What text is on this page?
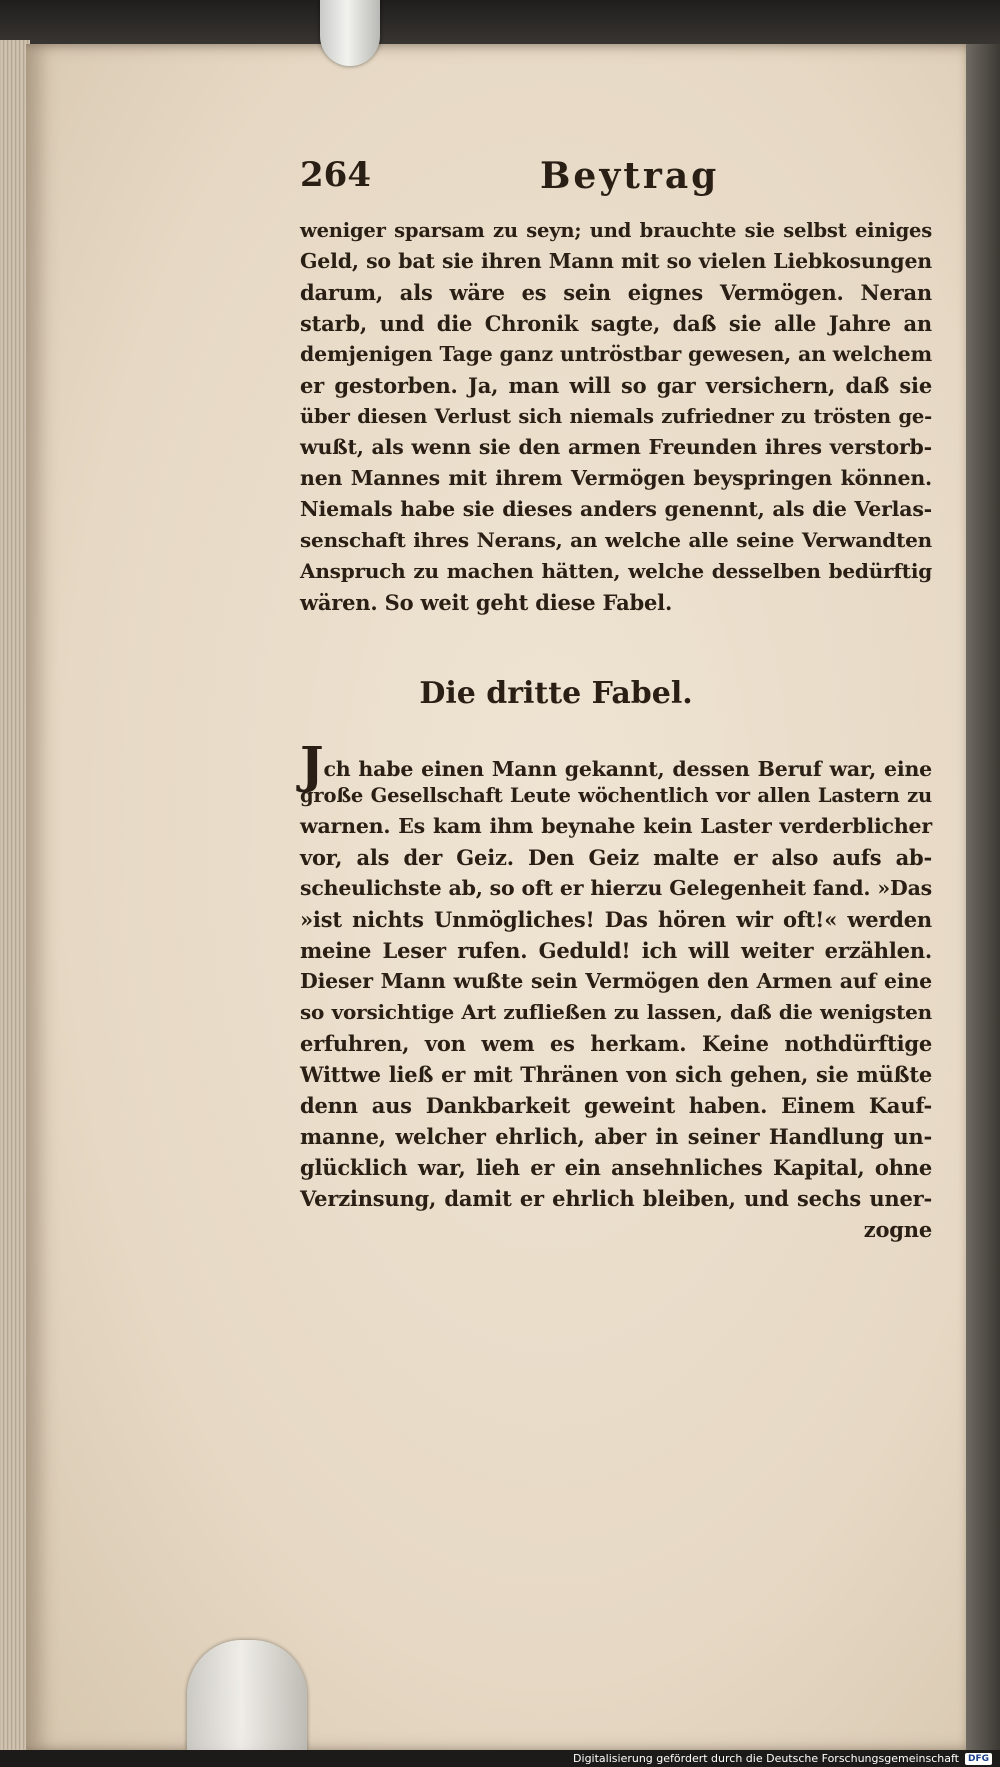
264	Beytrag
weniger sparsam zu seyn; und brauchte sie selbst einiges
Geld, so bat sie ihren Mann mit so vielen Liebkosungen
darum, als wäre es sein eignes Vermögen. Neran
starb, und die Chronik sagte, daß sie alle Jahre an
demjenigen Tage ganz untröstbar gewesen, an welchem
er gestorben. Ja, man will so gar versichern, daß sie
über diesen Verlust sich niemals zufriedner zu trösten ge-
wußt, als wenn sie den armen Freunden ihres verstorb-
nen Mannes mit ihrem Vermögen beyspringen können.
Niemals habe sie dieses anders genennt, als die Verlas-
senschaft ihres Nerans, an welche alle seine Verwandten
Anspruch zu machen hätten, welche desselben bedürftig
wären. So weit geht diese Fabel.
Die dritte Fabel.
Jch habe einen Mann gekannt, dessen Beruf war, eine
große Gesellschaft Leute wöchentlich vor allen Lastern zu
warnen. Es kam ihm beynahe kein Laster verderblicher
vor, als der Geiz. Den Geiz malte er also aufs ab-
scheulichste ab, so oft er hierzu Gelegenheit fand. »Das
»ist nichts Unmögliches! Das hören wir oft!« werden
meine Leser rufen. Geduld! ich will weiter erzählen.
Dieser Mann wußte sein Vermögen den Armen auf eine
so vorsichtige Art zufließen zu lassen, daß die wenigsten
erfuhren, von wem es herkam. Keine nothdürftige
Wittwe ließ er mit Thränen von sich gehen, sie müßte
denn aus Dankbarkeit geweint haben. Einem Kauf-
manne, welcher ehrlich, aber in seiner Handlung un-
glücklich war, lieh er ein ansehnliches Kapital, ohne
Verzinsung, damit er ehrlich bleiben, und sechs uner-
zogne
Digitalisierung gefördert durch die Deutsche Forschungsgemeinschaft	DFG
